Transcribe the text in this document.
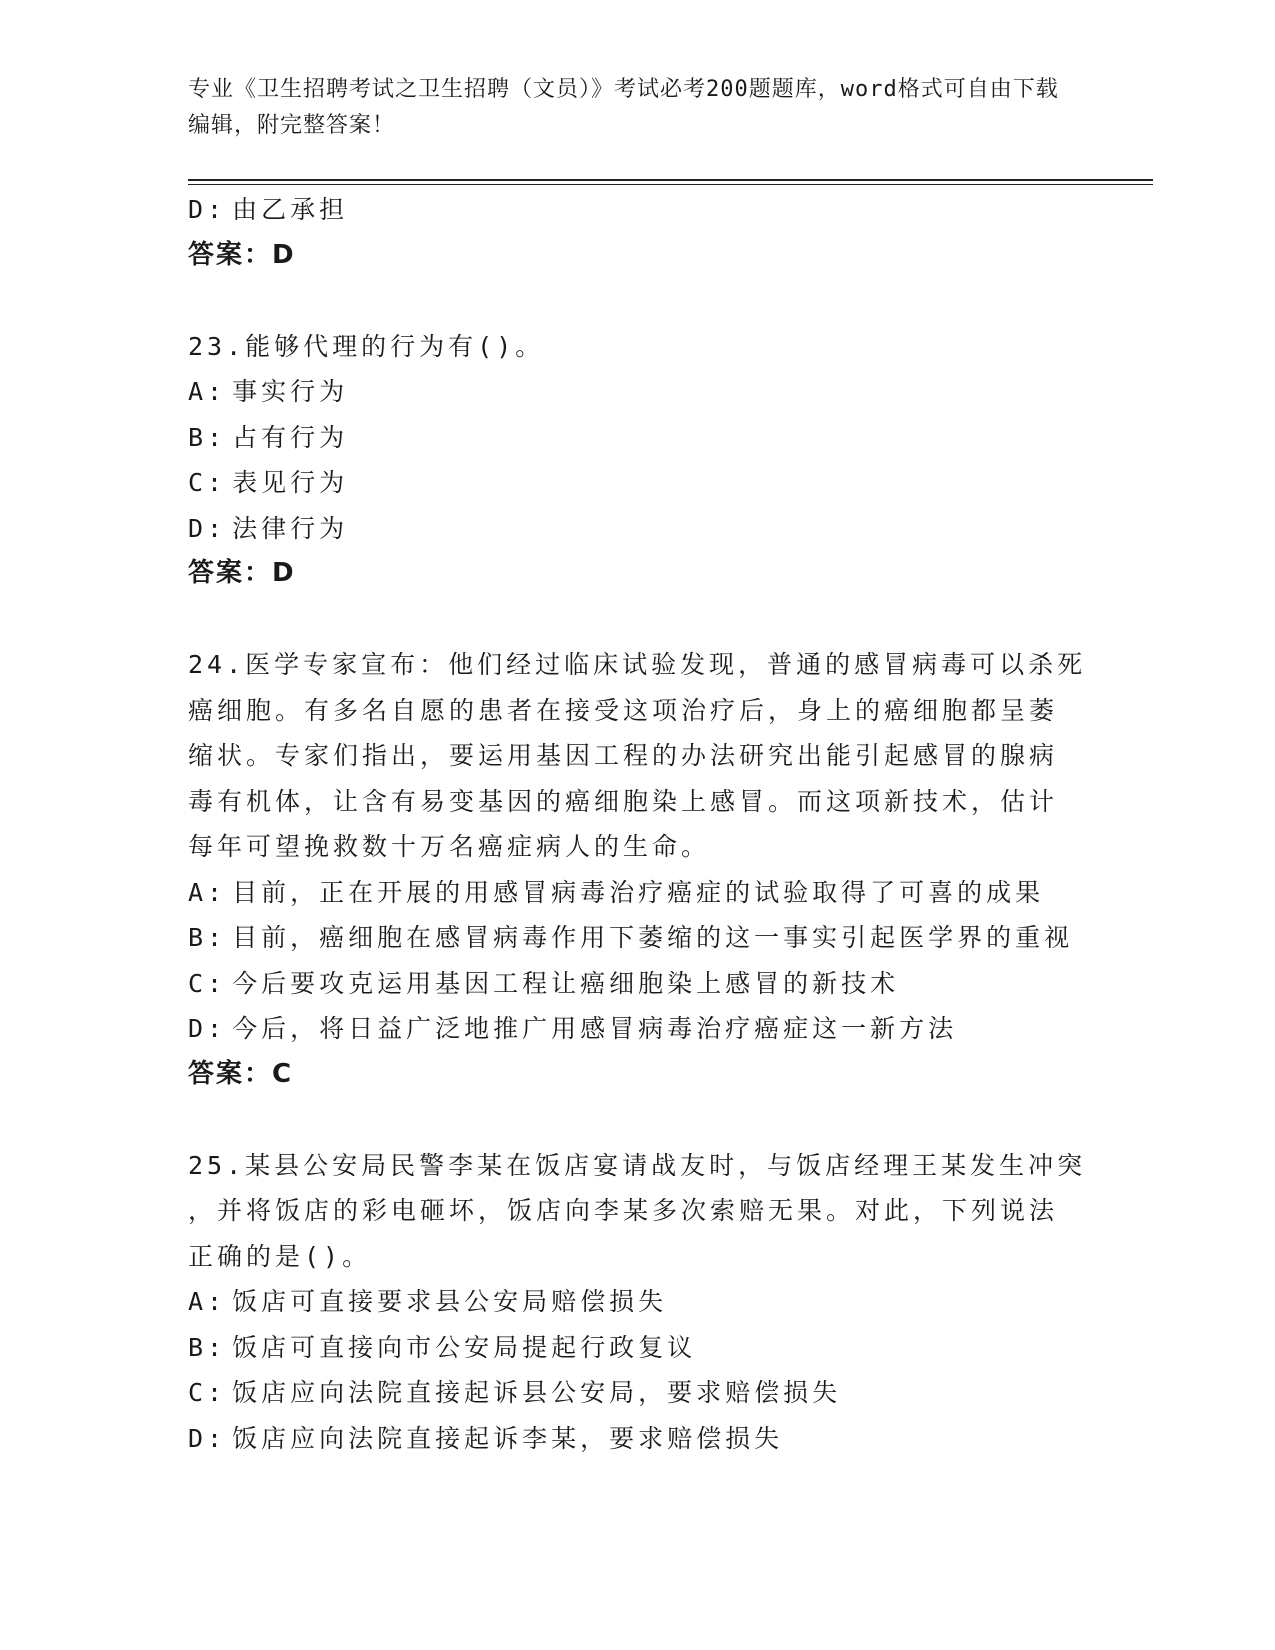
专业《卫生招聘考试之卫生招聘（文员）》考试必考200题题库，word格式可自由下载编辑，附完整答案！
D: 由乙承担
答案：D
23.能够代理的行为有()。
A: 事实行为
B: 占有行为
C: 表见行为
D: 法律行为
答案：D
24.医学专家宣布：他们经过临床试验发现，普通的感冒病毒可以杀死
癌细胞。有多名自愿的患者在接受这项治疗后，身上的癌细胞都呈萎
缩状。专家们指出，要运用基因工程的办法研究出能引起感冒的腺病
毒有机体，让含有易变基因的癌细胞染上感冒。而这项新技术，估计
每年可望挽救数十万名癌症病人的生命。
A: 目前，正在开展的用感冒病毒治疗癌症的试验取得了可喜的成果
B: 目前，癌细胞在感冒病毒作用下萎缩的这一事实引起医学界的重视
C: 今后要攻克运用基因工程让癌细胞染上感冒的新技术
D: 今后，将日益广泛地推广用感冒病毒治疗癌症这一新方法
答案：C
25.某县公安局民警李某在饭店宴请战友时，与饭店经理王某发生冲突
，并将饭店的彩电砸坏，饭店向李某多次索赔无果。对此，下列说法
正确的是()。
A: 饭店可直接要求县公安局赔偿损失
B: 饭店可直接向市公安局提起行政复议
C: 饭店应向法院直接起诉县公安局，要求赔偿损失
D: 饭店应向法院直接起诉李某，要求赔偿损失
